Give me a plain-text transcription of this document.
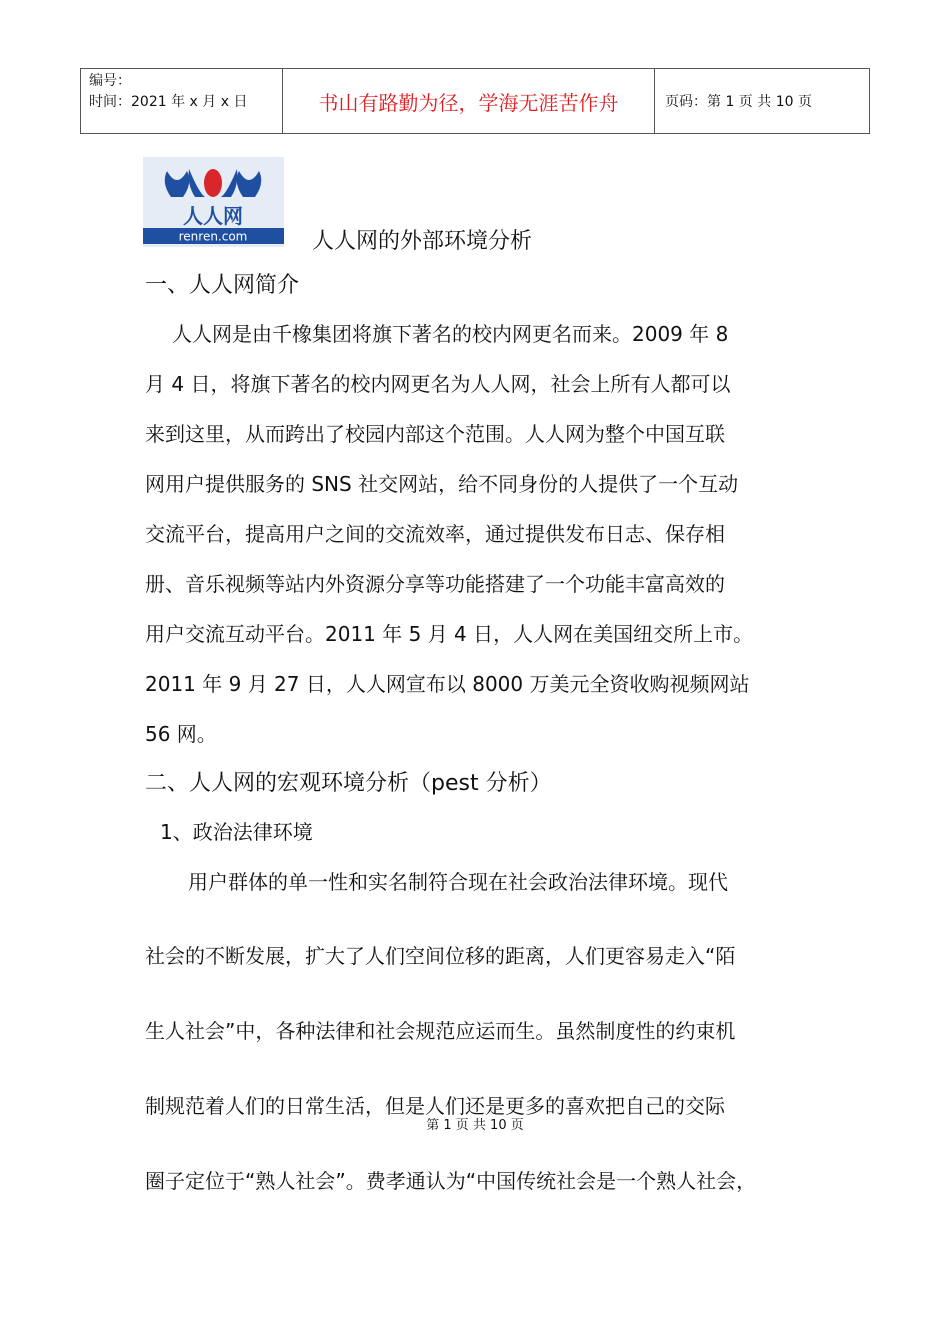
编号：
时间：2021 年 x 月 x 日	书山有路勤为径，学海无涯苦作舟	页码：第 1 页 共 10 页
人人网
renren.com	人人网的外部环境分析
一、人人网简介
人人网是由千橡集团将旗下著名的校内网更名而来。2009 年 8
月 4 日，将旗下著名的校内网更名为人人网，社会上所有人都可以
来到这里，从而跨出了校园内部这个范围。人人网为整个中国互联
网用户提供服务的 SNS 社交网站，给不同身份的人提供了一个互动
交流平台，提高用户之间的交流效率，通过提供发布日志、保存相
册、音乐视频等站内外资源分享等功能搭建了一个功能丰富高效的
用户交流互动平台。2011 年 5 月 4 日，人人网在美国纽交所上市。
2011 年 9 月 27 日，人人网宣布以 8000 万美元全资收购视频网站
56 网。
二、人人网的宏观环境分析（pest 分析）
1、政治法律环境
用户群体的单一性和实名制符合现在社会政治法律环境。现代
社会的不断发展，扩大了人们空间位移的距离，人们更容易走入“陌
生人社会”中，各种法律和社会规范应运而生。虽然制度性的约束机
制规范着人们的日常生活，但是人们还是更多的喜欢把自己的交际
第 1 页 共 10 页
圈子定位于“熟人社会”。费孝通认为“中国传统社会是一个熟人社会，
